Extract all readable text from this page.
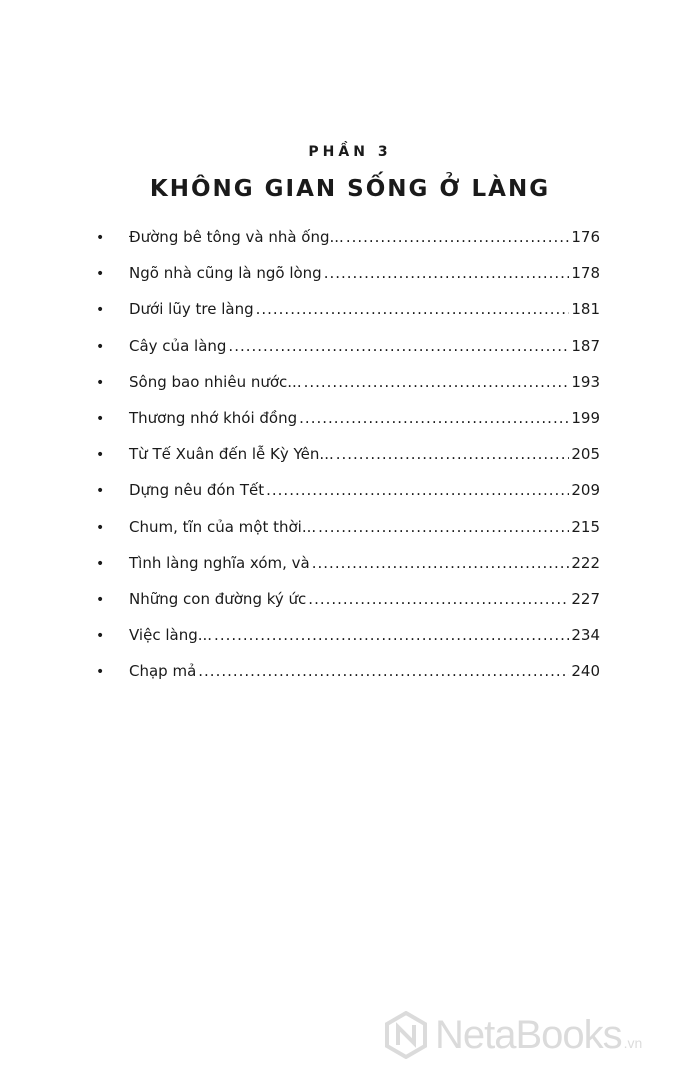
PHẦN 3
KHÔNG GIAN SỐNG Ở LÀNG
•	Đường bê tông và nhà ống... .....	176
•	Ngõ nhà cũng là ngõ lòng .....	178
•	Dưới lũy tre làng .....	181
•	Cây của làng .....	187
•	Sông bao nhiêu nước... .....	193
•	Thương nhớ khói đồng .....	199
•	Từ Tế Xuân đến lễ Kỳ Yên... .....	205
•	Dựng nêu đón Tết .....	209
•	Chum, tĩn của một thời... .....	215
•	Tình làng nghĩa xóm, và .....	222
•	Những con đường ký ức .....	227
•	Việc làng... .....	234
•	Chạp mả .....	240
NetaBooks .vn
